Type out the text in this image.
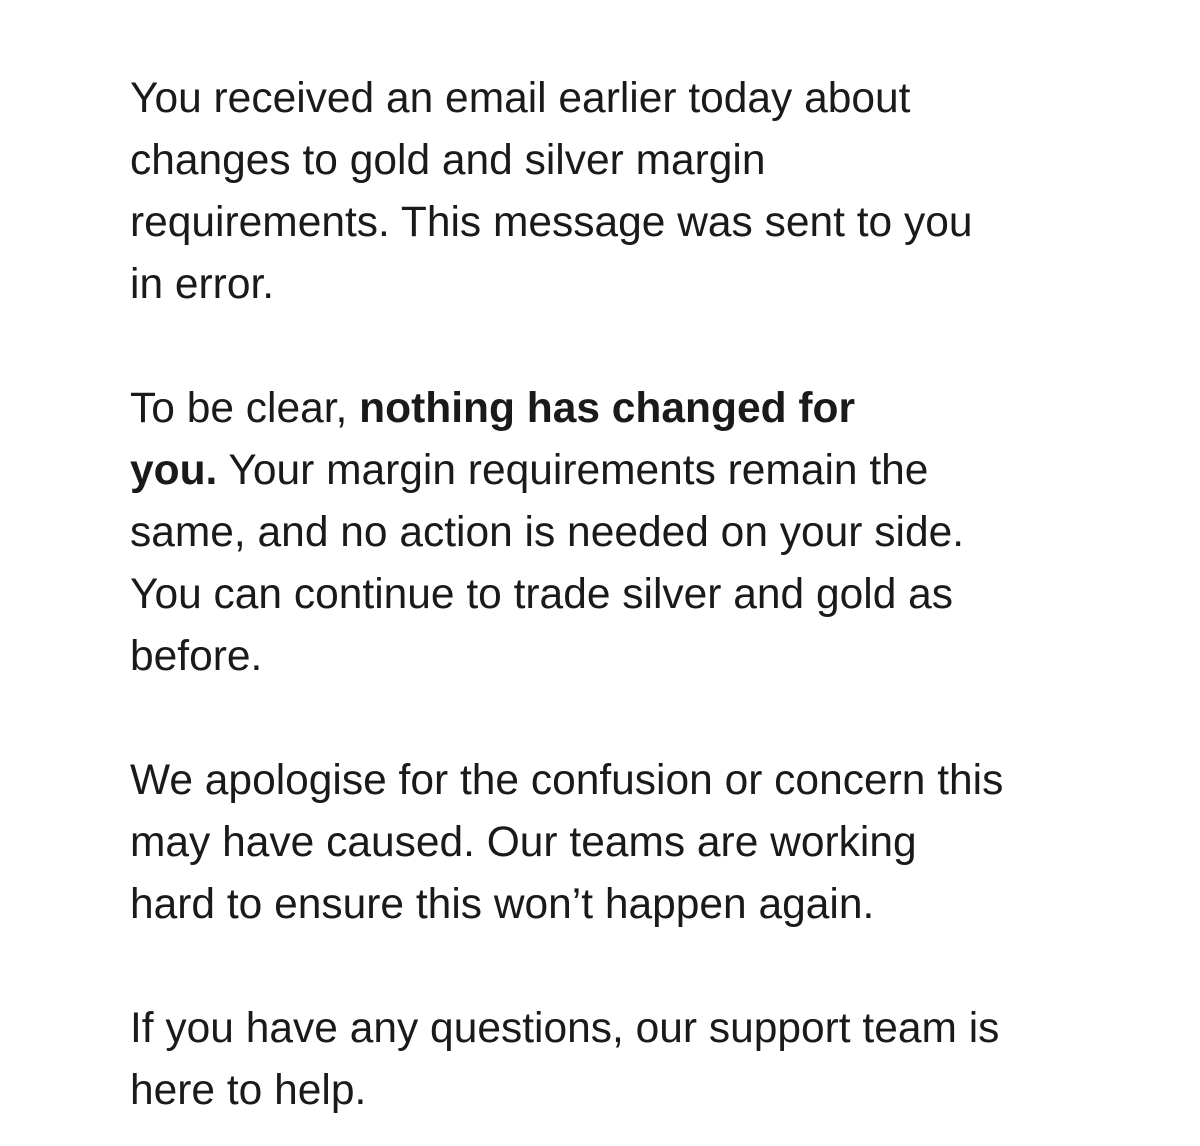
You received an email earlier today about
changes to gold and silver margin
requirements. This message was sent to you
in error.

To be clear, nothing has changed for
you. Your margin requirements remain the
same, and no action is needed on your side.
You can continue to trade silver and gold as
before.

We apologise for the confusion or concern this
may have caused. Our teams are working
hard to ensure this won’t happen again.

If you have any questions, our support team is
here to help.
